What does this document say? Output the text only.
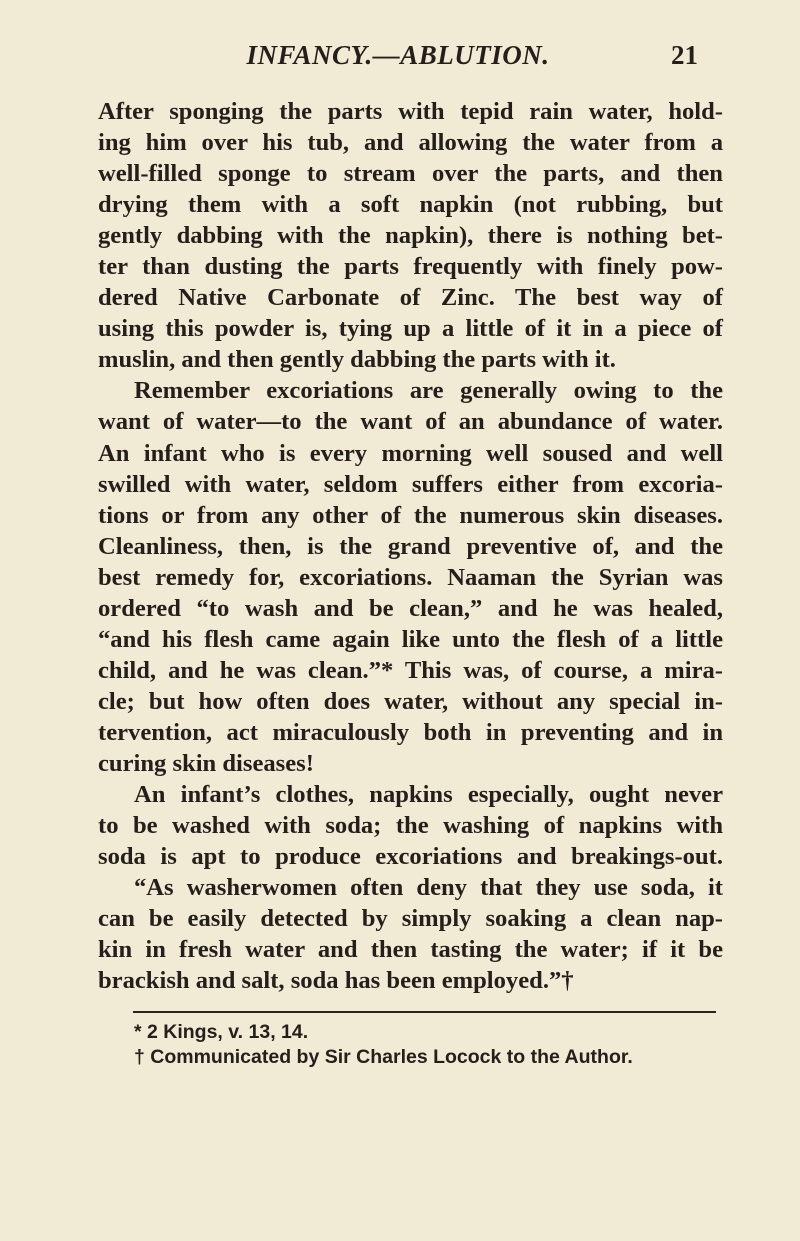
INFANCY.—ABLUTION.	21
After sponging the parts with tepid rain water, hold-
ing him over his tub, and allowing the water from a
well-filled sponge to stream over the parts, and then
drying them with a soft napkin (not rubbing, but
gently dabbing with the napkin), there is nothing bet-
ter than dusting the parts frequently with finely pow-
dered Native Carbonate of Zinc. The best way of
using this powder is, tying up a little of it in a piece of
muslin, and then gently dabbing the parts with it.
Remember excoriations are generally owing to the
want of water—to the want of an abundance of water.
An infant who is every morning well soused and well
swilled with water, seldom suffers either from excoria-
tions or from any other of the numerous skin diseases.
Cleanliness, then, is the grand preventive of, and the
best remedy for, excoriations. Naaman the Syrian was
ordered “to wash and be clean,” and he was healed,
“and his flesh came again like unto the flesh of a little
child, and he was clean.”* This was, of course, a mira-
cle; but how often does water, without any special in-
tervention, act miraculously both in preventing and in
curing skin diseases!
An infant’s clothes, napkins especially, ought never
to be washed with soda; the washing of napkins with
soda is apt to produce excoriations and breakings-out.
“As washerwomen often deny that they use soda, it
can be easily detected by simply soaking a clean nap-
kin in fresh water and then tasting the water; if it be
brackish and salt, soda has been employed.”†
* 2 Kings, v. 13, 14.
† Communicated by Sir Charles Locock to the Author.
